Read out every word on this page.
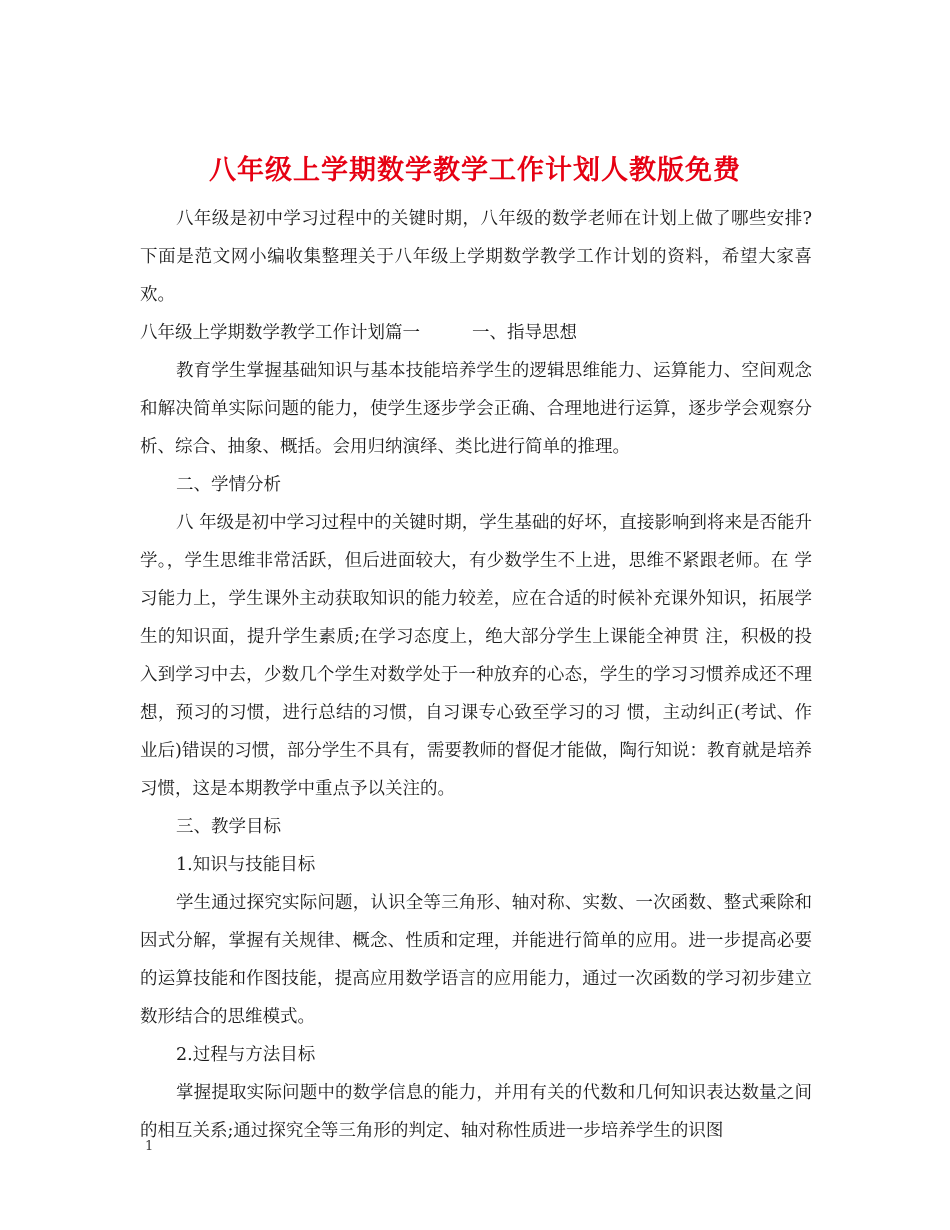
八年级上学期数学教学工作计划人教版免费

八年级是初中学习过程中的关键时期，八年级的数学老师在计划上做了哪些安排?下面是范文网小编收集整理关于八年级上学期数学教学工作计划的资料，希望大家喜欢。

八年级上学期数学教学工作计划篇一	一、指导思想

教育学生掌握基础知识与基本技能培养学生的逻辑思维能力、运算能力、空间观念和解决简单实际问题的能力，使学生逐步学会正确、合理地进行运算，逐步学会观察分析、综合、抽象、概括。会用归纳演绎、类比进行简单的推理。

二、学情分析

八 年级是初中学习过程中的关键时期，学生基础的好坏，直接影响到将来是否能升学。，学生思维非常活跃，但后进面较大，有少数学生不上进，思维不紧跟老师。在 学习能力上，学生课外主动获取知识的能力较差，应在合适的时候补充课外知识，拓展学生的知识面，提升学生素质;在学习态度上，绝大部分学生上课能全神贯 注，积极的投入到学习中去，少数几个学生对数学处于一种放弃的心态，学生的学习习惯养成还不理想，预习的习惯，进行总结的习惯，自习课专心致至学习的习 惯，主动纠正(考试、作业后)错误的习惯，部分学生不具有，需要教师的督促才能做，陶行知说：教育就是培养习惯，这是本期教学中重点予以关注的。

三、教学目标

1.知识与技能目标

学生通过探究实际问题，认识全等三角形、轴对称、实数、一次函数、整式乘除和因式分解，掌握有关规律、概念、性质和定理，并能进行简单的应用。进一步提高必要的运算技能和作图技能，提高应用数学语言的应用能力，通过一次函数的学习初步建立数形结合的思维模式。

2.过程与方法目标

掌握提取实际问题中的数学信息的能力，并用有关的代数和几何知识表达数量之间的相互关系;通过探究全等三角形的判定、轴对称性质进一步培养学生的识图

1
